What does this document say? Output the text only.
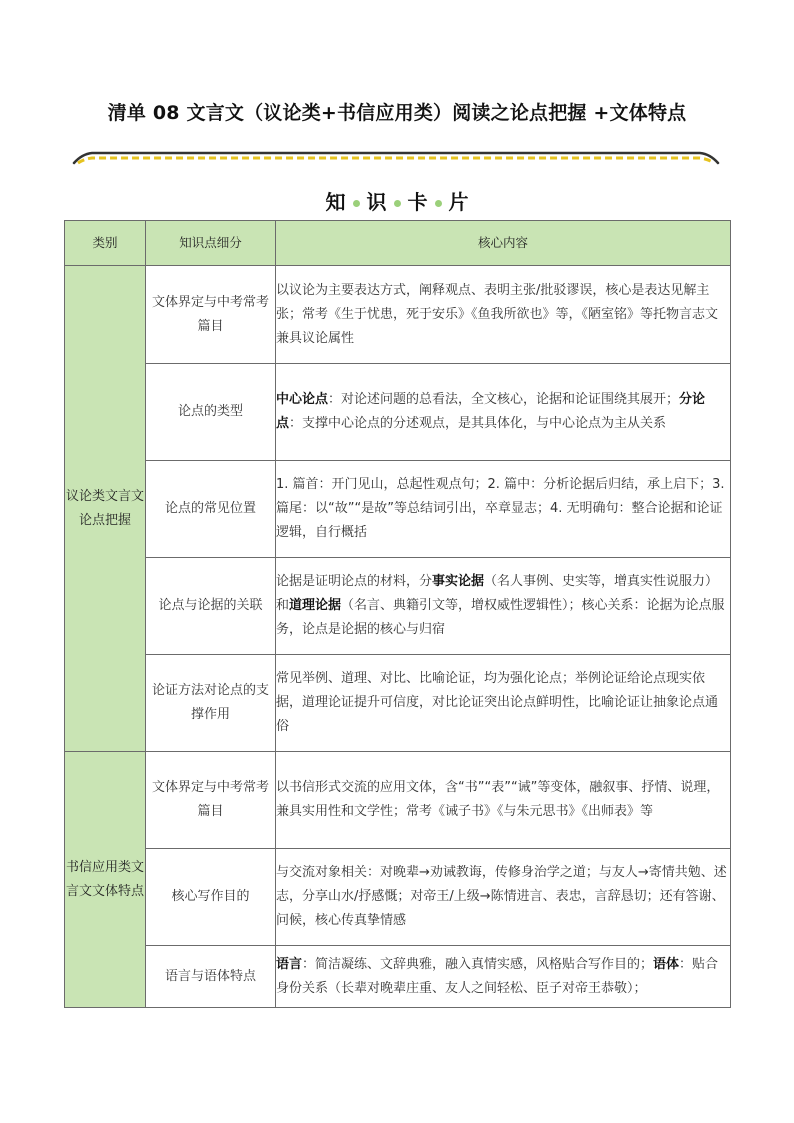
清单 08 文言文（议论类+书信应用类）阅读之论点把握 +文体特点
知 识 卡 片
类别	知识点细分	核心内容
议论类文言文论点把握	文体界定与中考常考篇目	以议论为主要表达方式，阐释观点、表明主张/批驳谬误，核心是表达见解主张；常考《生于忧患，死于安乐》《鱼我所欲也》等，《陋室铭》等托物言志文兼具议论属性
	论点的类型	中心论点：对论述问题的总看法，全文核心，论据和论证围绕其展开；分论点：支撑中心论点的分述观点，是其具体化，与中心论点为主从关系
	论点的常见位置	1. 篇首：开门见山，总起性观点句；2. 篇中：分析论据后归结，承上启下；3. 篇尾：以“故”“是故”等总结词引出，卒章显志；4. 无明确句：整合论据和论证逻辑，自行概括
	论点与论据的关联	论据是证明论点的材料，分事实论据（名人事例、史实等，增真实性说服力）和道理论据（名言、典籍引文等，增权威性逻辑性）；核心关系：论据为论点服务，论点是论据的核心与归宿
	论证方法对论点的支撑作用	常见举例、道理、对比、比喻论证，均为强化论点；举例论证给论点现实依据，道理论证提升可信度，对比论证突出论点鲜明性，比喻论证让抽象论点通俗
书信应用类文言文文体特点	文体界定与中考常考篇目	以书信形式交流的应用文体，含“书”“表”“诫”等变体，融叙事、抒情、说理，兼具实用性和文学性；常考《诫子书》《与朱元思书》《出师表》等
	核心写作目的	与交流对象相关：对晚辈→劝诫教诲，传修身治学之道；与友人→寄情共勉、述志，分享山水/抒感慨；对帝王/上级→陈情进言、表忠，言辞恳切；还有答谢、问候，核心传真挚情感
	语言与语体特点	语言：简洁凝练、文辞典雅，融入真情实感，风格贴合写作目的；语体：贴合身份关系（长辈对晚辈庄重、友人之间轻松、臣子对帝王恭敬）；
